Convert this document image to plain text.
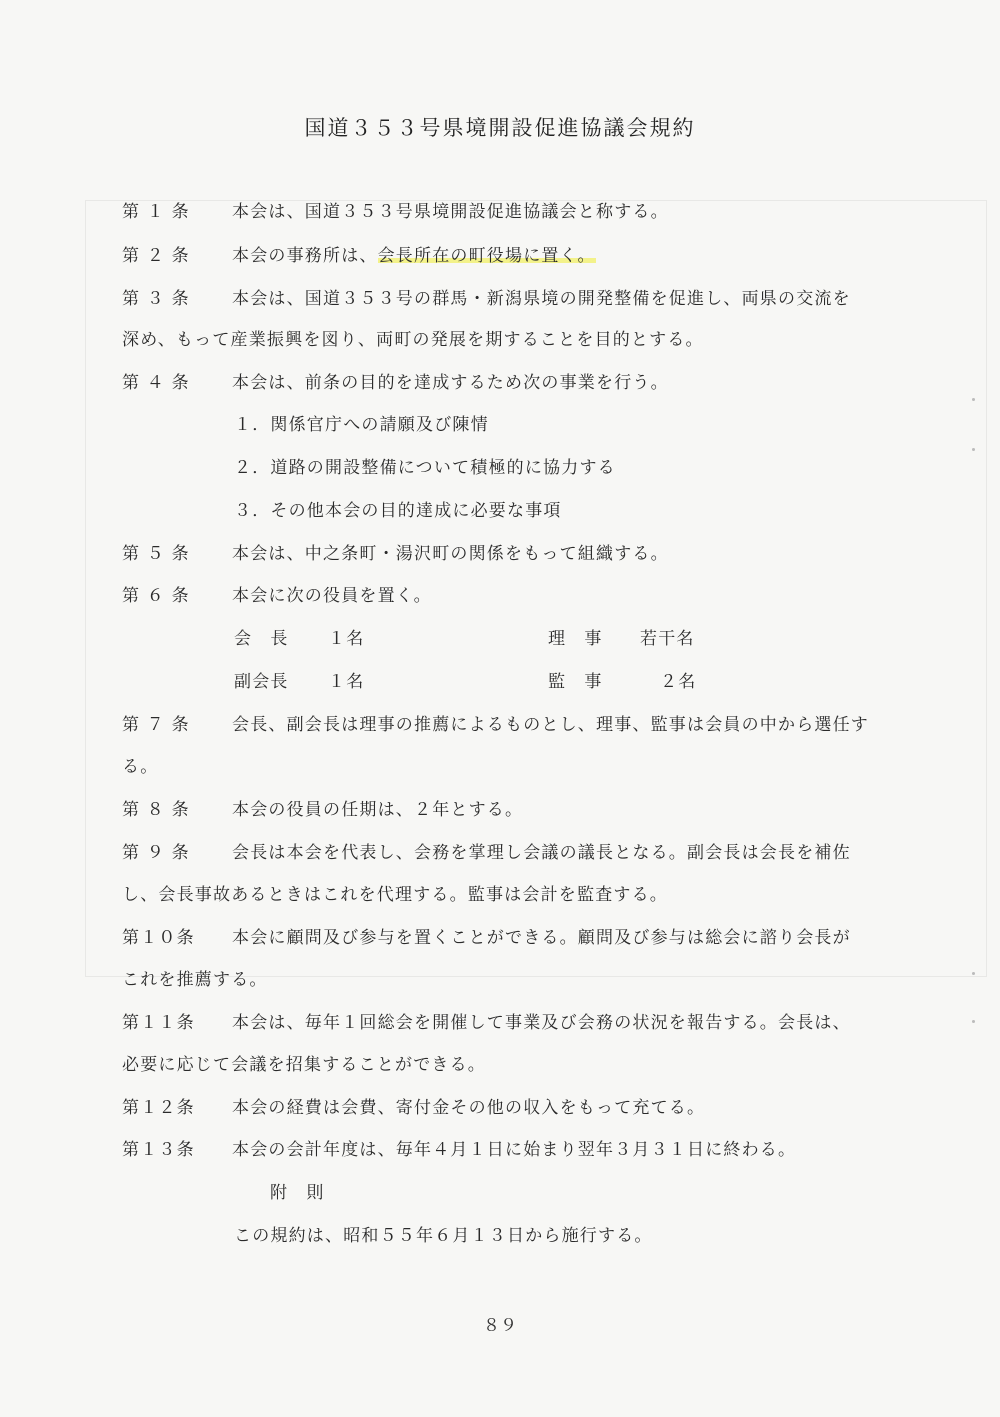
国道３５３号県境開設促進協議会規約
第 １ 条 本会は、国道３５３号県境開設促進協議会と称する。
第 ２ 条 本会の事務所は、会長所在の町役場に置く。
第 ３ 条 本会は、国道３５３号の群馬・新潟県境の開発整備を促進し、両県の交流を
深め、もって産業振興を図り、両町の発展を期することを目的とする。
第 ４ 条 本会は、前条の目的を達成するため次の事業を行う。
１．関係官庁への請願及び陳情
２．道路の開設整備について積極的に協力する
３．その他本会の目的達成に必要な事項
第 ５ 条 本会は、中之条町・湯沢町の関係をもって組織する。
第 ６ 条 本会に次の役員を置く。
会　長 １名	理　事 若干名
副会長 １名	監　事	２名
第 ７ 条 会長、副会長は理事の推薦によるものとし、理事、監事は会員の中から選任す
る。
第 ８ 条 本会の役員の任期は、２年とする。
第 ９ 条 会長は本会を代表し、会務を掌理し会議の議長となる。副会長は会長を補佐
し、会長事故あるときはこれを代理する。監事は会計を監査する。
第１０条 本会に顧問及び参与を置くことができる。顧問及び参与は総会に諮り会長が
これを推薦する。
第１１条 本会は、毎年１回総会を開催して事業及び会務の状況を報告する。会長は、
必要に応じて会議を招集することができる。
第１２条 本会の経費は会費、寄付金その他の収入をもって充てる。
第１３条 本会の会計年度は、毎年４月１日に始まり翌年３月３１日に終わる。
附　則
この規約は、昭和５５年６月１３日から施行する。
８９
